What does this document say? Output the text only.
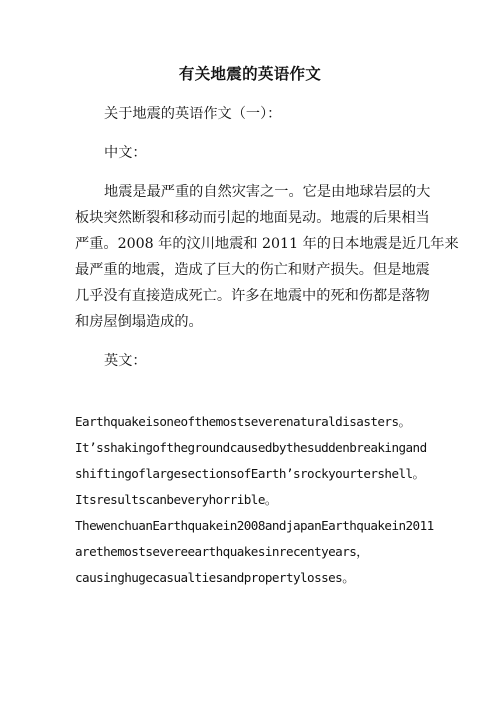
有关地震的英语作文
关于地震的英语作文（一）：
中文：
地震是最严重的自然灾害之一。它是由地球岩层的大
板块突然断裂和移动而引起的地面晃动。地震的后果相当
严重。2008 年的汶川地震和 2011 年的日本地震是近几年来
最严重的地震，造成了巨大的伤亡和财产损失。但是地震
几乎没有直接造成死亡。许多在地震中的死和伤都是落物
和房屋倒塌造成的。
英文：
Earthquakeisoneofthemostseverenaturaldisasters。
It’sshakingofthegroundcausedbythesuddenbreakingand
shiftingoflargesectionsofEarth’srockyourtershell。
Itsresultscanbeveryhorrible。
ThewenchuanEarthquakein2008andjapanEarthquakein2011
arethemostsevereearthquakesinrecentyears，
causinghugecasualtiesandpropertylosses。
